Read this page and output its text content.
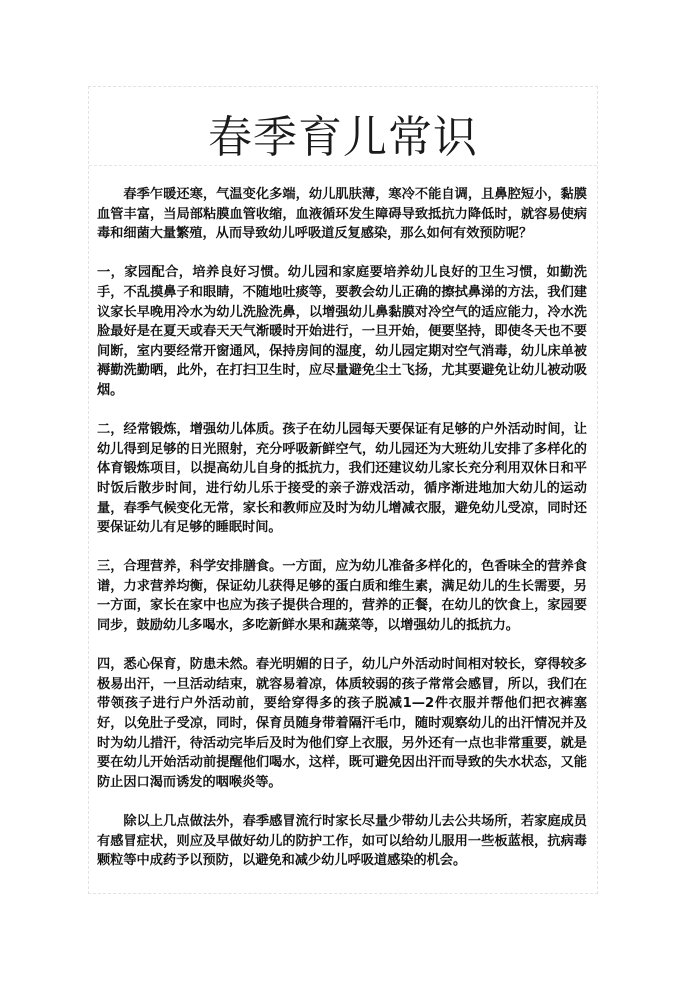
春季育儿常识

春季乍暖还寒，气温变化多端，幼儿肌肤薄，寒冷不能自调，且鼻腔短小，黏膜血管丰富，当局部粘膜血管收缩，血液循环发生障碍导致抵抗力降低时，就容易使病毒和细菌大量繁殖，从而导致幼儿呼吸道反复感染，那么如何有效预防呢？

一，家园配合，培养良好习惯。幼儿园和家庭要培养幼儿良好的卫生习惯，如勤洗手，不乱摸鼻子和眼睛，不随地吐痰等，要教会幼儿正确的擦拭鼻涕的方法，我们建议家长早晚用冷水为幼儿洗脸洗鼻，以增强幼儿鼻黏膜对冷空气的适应能力，冷水洗脸最好是在夏天或春天天气渐暖时开始进行，一旦开始，便要坚持，即使冬天也不要间断，室内要经常开窗通风，保持房间的湿度，幼儿园定期对空气消毒，幼儿床单被褥勤洗勤晒，此外，在打扫卫生时，应尽量避免尘土飞扬，尤其要避免让幼儿被动吸烟。

二，经常锻炼，增强幼儿体质。孩子在幼儿园每天要保证有足够的户外活动时间，让幼儿得到足够的日光照射，充分呼吸新鲜空气，幼儿园还为大班幼儿安排了多样化的体育锻炼项目，以提高幼儿自身的抵抗力，我们还建议幼儿家长充分利用双休日和平时饭后散步时间，进行幼儿乐于接受的亲子游戏活动，循序渐进地加大幼儿的运动量，春季气候变化无常，家长和教师应及时为幼儿增减衣服，避免幼儿受凉，同时还要保证幼儿有足够的睡眠时间。

三，合理营养，科学安排膳食。一方面，应为幼儿准备多样化的，色香味全的营养食谱，力求营养均衡，保证幼儿获得足够的蛋白质和维生素，满足幼儿的生长需要，另一方面，家长在家中也应为孩子提供合理的，营养的正餐，在幼儿的饮食上，家园要同步，鼓励幼儿多喝水，多吃新鲜水果和蔬菜等，以增强幼儿的抵抗力。

四，悉心保育，防患未然。春光明媚的日子，幼儿户外活动时间相对较长，穿得较多极易出汗，一旦活动结束，就容易着凉，体质较弱的孩子常常会感冒，所以，我们在带领孩子进行户外活动前，要给穿得多的孩子脱减1—2件衣服并帮他们把衣裤塞好，以免肚子受凉，同时，保育员随身带着隔汗毛巾，随时观察幼儿的出汗情况并及时为幼儿措汗，待活动完毕后及时为他们穿上衣服，另外还有一点也非常重要，就是要在幼儿开始活动前提醒他们喝水，这样，既可避免因出汗而导致的失水状态，又能防止因口渴而诱发的咽喉炎等。

除以上几点做法外，春季感冒流行时家长尽量少带幼儿去公共场所，若家庭成员有感冒症状，则应及早做好幼儿的防护工作，如可以给幼儿服用一些板蓝根，抗病毒颗粒等中成药予以预防，以避免和减少幼儿呼吸道感染的机会。
